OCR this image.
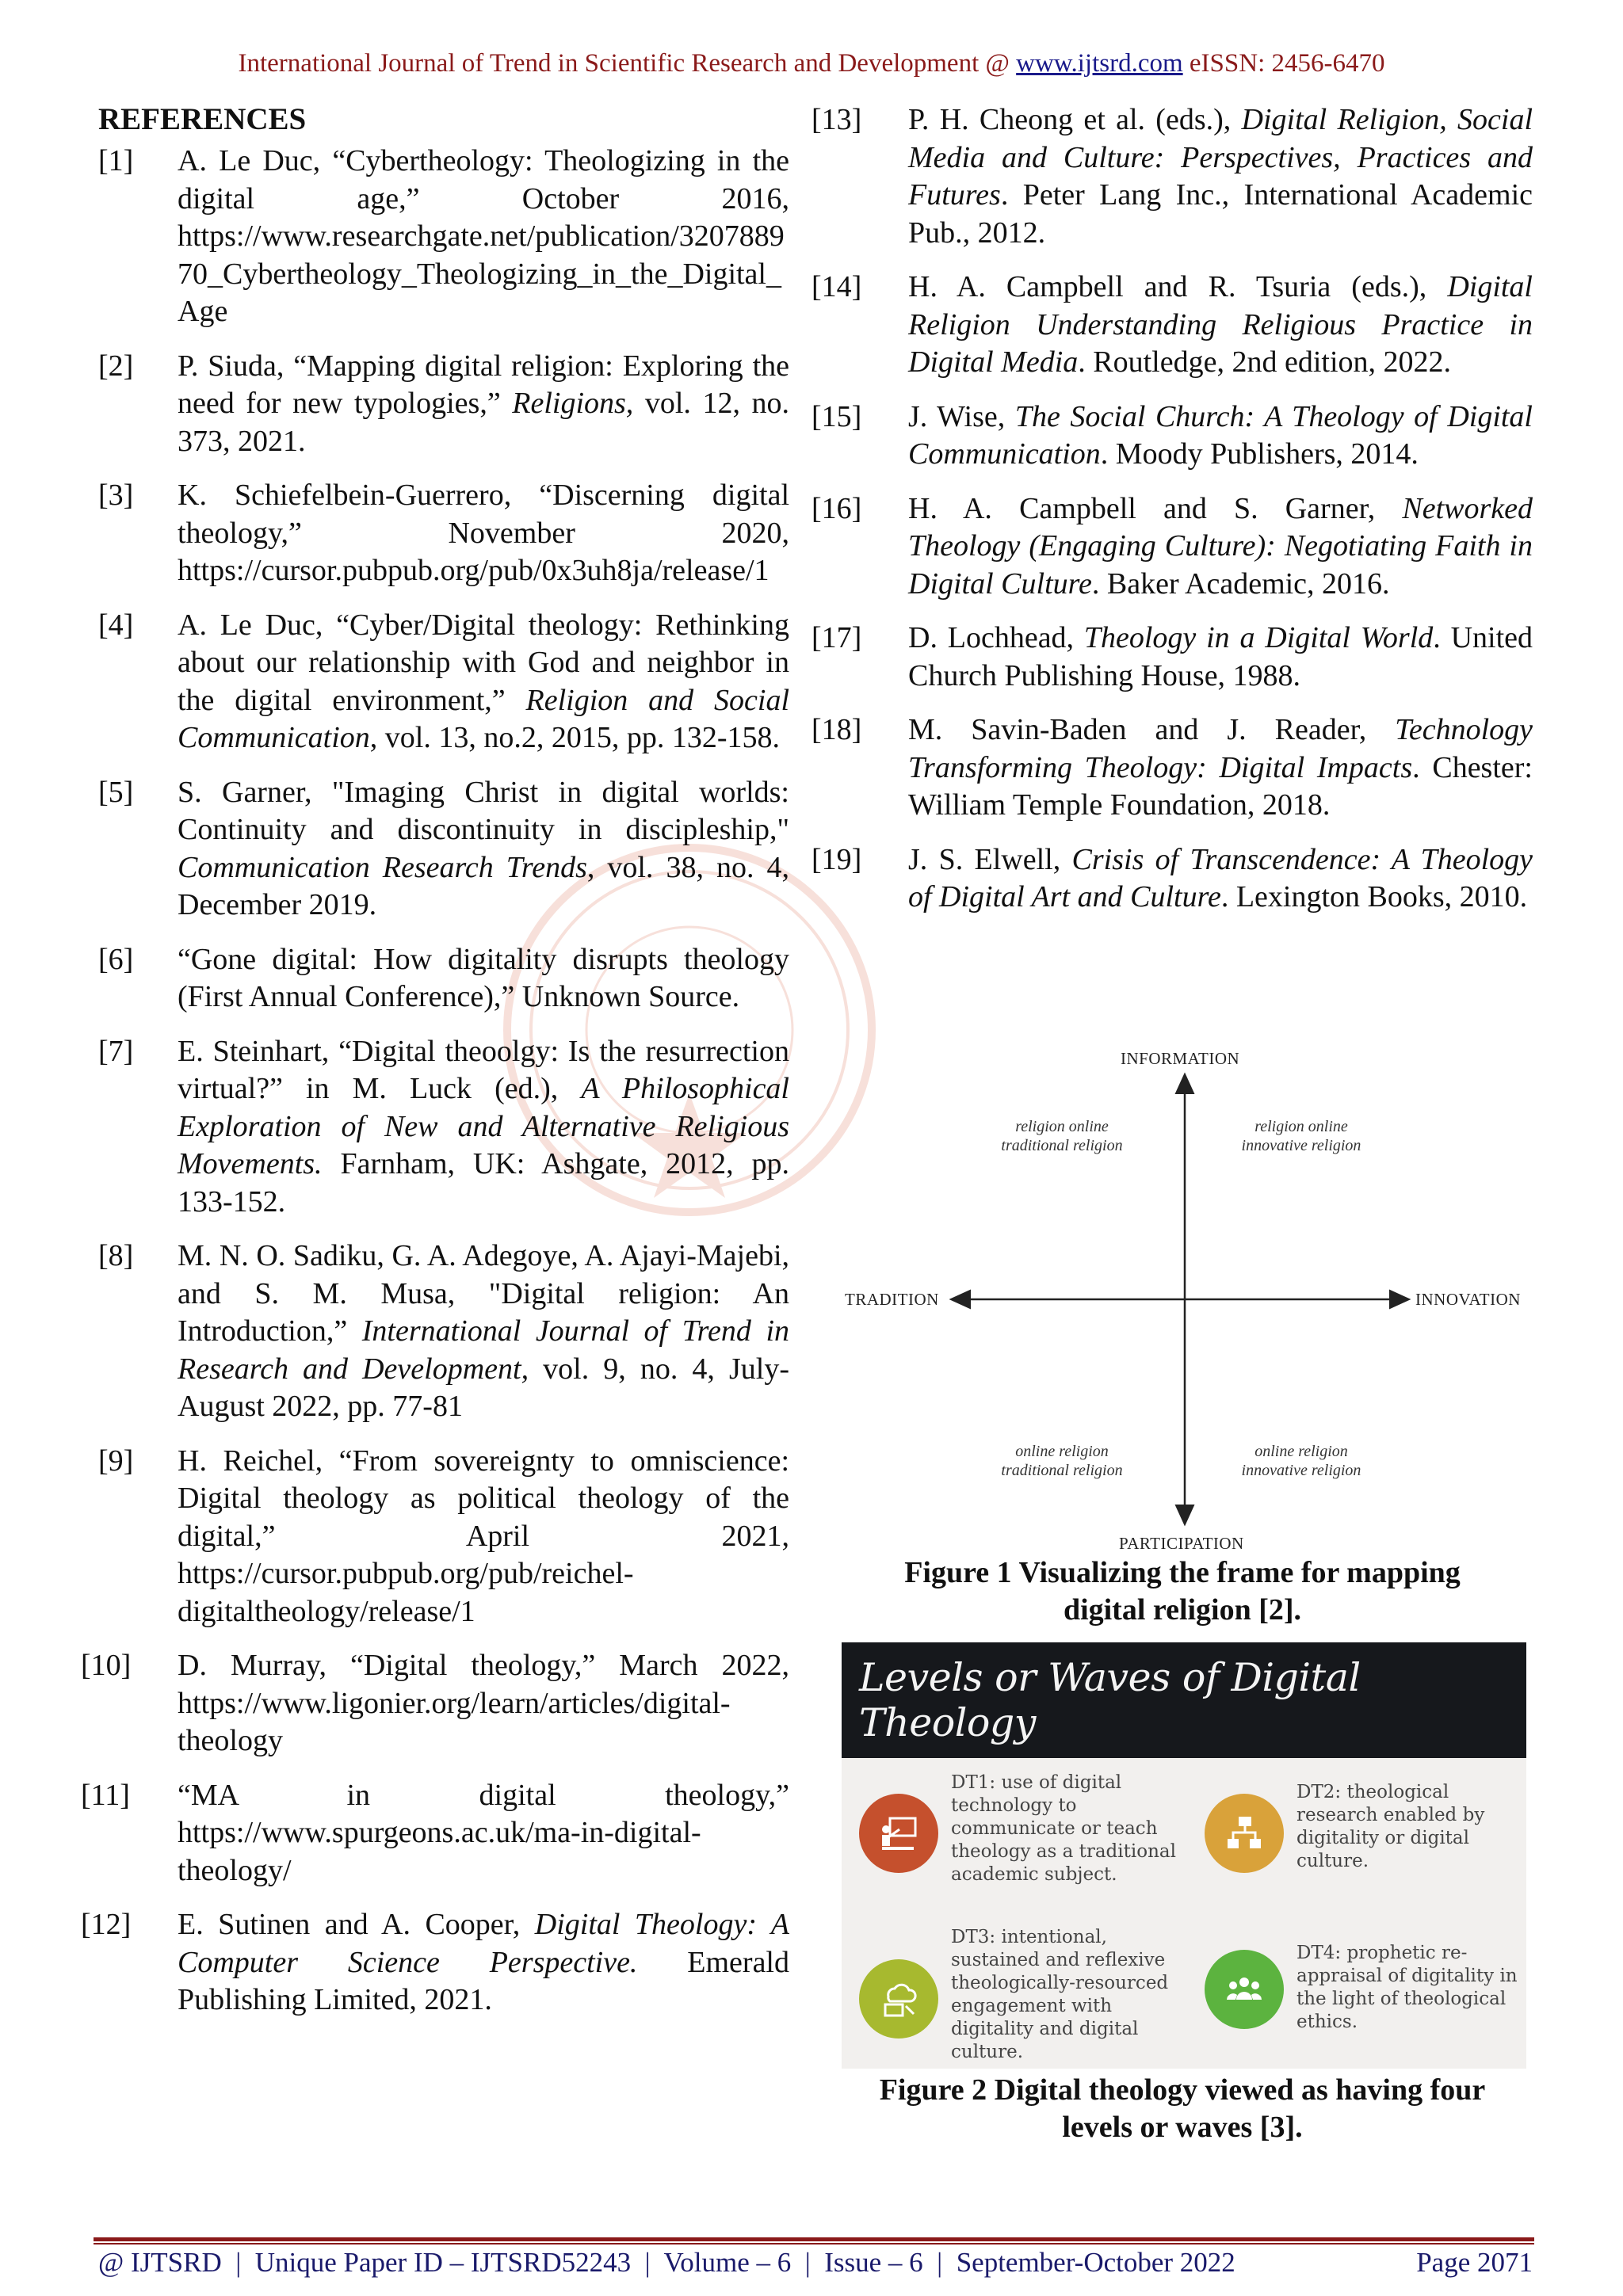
International Journal of Trend in Scientific Research and Development @ www.ijtsrd.com eISSN: 2456-6470
REFERENCES
[1]	A. Le Duc, “Cybertheology: Theologizing in the digital age,” October 2016, https://www.researchgate.net/publication/320788970_Cybertheology_Theologizing_in_the_Digital_Age
[2]	P. Siuda, “Mapping digital religion: Exploring the need for new typologies,” Religions, vol. 12, no. 373, 2021.
[3]	K. Schiefelbein-Guerrero, “Discerning digital theology,” November 2020, https://cursor.pubpub.org/pub/0x3uh8ja/release/1
[4]	A. Le Duc, “Cyber/Digital theology: Rethinking about our relationship with God and neighbor in the digital environment,” Religion and Social Communication, vol. 13, no.2, 2015, pp. 132-158.
[5]	S. Garner, "Imaging Christ in digital worlds: Continuity and discontinuity in discipleship," Communication Research Trends, vol. 38, no. 4, December 2019.
[6]	“Gone digital: How digitality disrupts theology (First Annual Conference),” Unknown Source.
[7]	E. Steinhart, “Digital theoolgy: Is the resurrection virtual?” in M. Luck (ed.), A Philosophical Exploration of New and Alternative Religious Movements. Farnham, UK: Ashgate, 2012, pp. 133-152.
[8]	M. N. O. Sadiku, G. A. Adegoye, A. Ajayi-Majebi, and S. M. Musa, "Digital religion: An Introduction,” International Journal of Trend in Research and Development, vol. 9, no. 4, July-August 2022, pp. 77-81
[9]	H. Reichel, “From sovereignty to omniscience: Digital theology as political theology of the digital,” April 2021, https://cursor.pubpub.org/pub/reichel-digitaltheology/release/1
[10]	D. Murray, “Digital theology,” March 2022, https://www.ligonier.org/learn/articles/digital-theology
[11]	“MA in digital theology,” https://www.spurgeons.ac.uk/ma-in-digital-theology/
[12]	E. Sutinen and A. Cooper, Digital Theology: A Computer Science Perspective. Emerald Publishing Limited, 2021.
[13]	P. H. Cheong et al. (eds.), Digital Religion, Social Media and Culture: Perspectives, Practices and Futures. Peter Lang Inc., International Academic Pub., 2012.
[14]	H. A. Campbell and R. Tsuria (eds.), Digital Religion Understanding Religious Practice in Digital Media. Routledge, 2nd edition, 2022.
[15]	J. Wise, The Social Church: A Theology of Digital Communication. Moody Publishers, 2014.
[16]	H. A. Campbell and S. Garner, Networked Theology (Engaging Culture): Negotiating Faith in Digital Culture. Baker Academic, 2016.
[17]	D. Lochhead, Theology in a Digital World. United Church Publishing House, 1988.
[18]	M. Savin-Baden and J. Reader, Technology Transforming Theology: Digital Impacts. Chester: William Temple Foundation, 2018.
[19]	J. S. Elwell, Crisis of Transcendence: A Theology of Digital Art and Culture. Lexington Books, 2010.
INFORMATION
PARTICIPATION
TRADITION	INNOVATION
religion online
traditional religion
religion online
innovative religion
online religion
traditional religion
online religion
innovative religion
Figure 1 Visualizing the frame for mapping
digital religion [2].
Levels or Waves of Digital Theology
DT1: use of digital technology to communicate or teach theology as a traditional academic subject.
DT2: theological research enabled by digitality or digital culture.
DT3: intentional, sustained and reflexive theologically-resourced engagement with digitality and digital culture.
DT4: prophetic re-appraisal of digitality in the light of theological ethics.
Figure 2 Digital theology viewed as having four
levels or waves [3].
@ IJTSRD  |  Unique Paper ID – IJTSRD52243  |  Volume – 6  |  Issue – 6  |  September-October 2022	Page 2071
